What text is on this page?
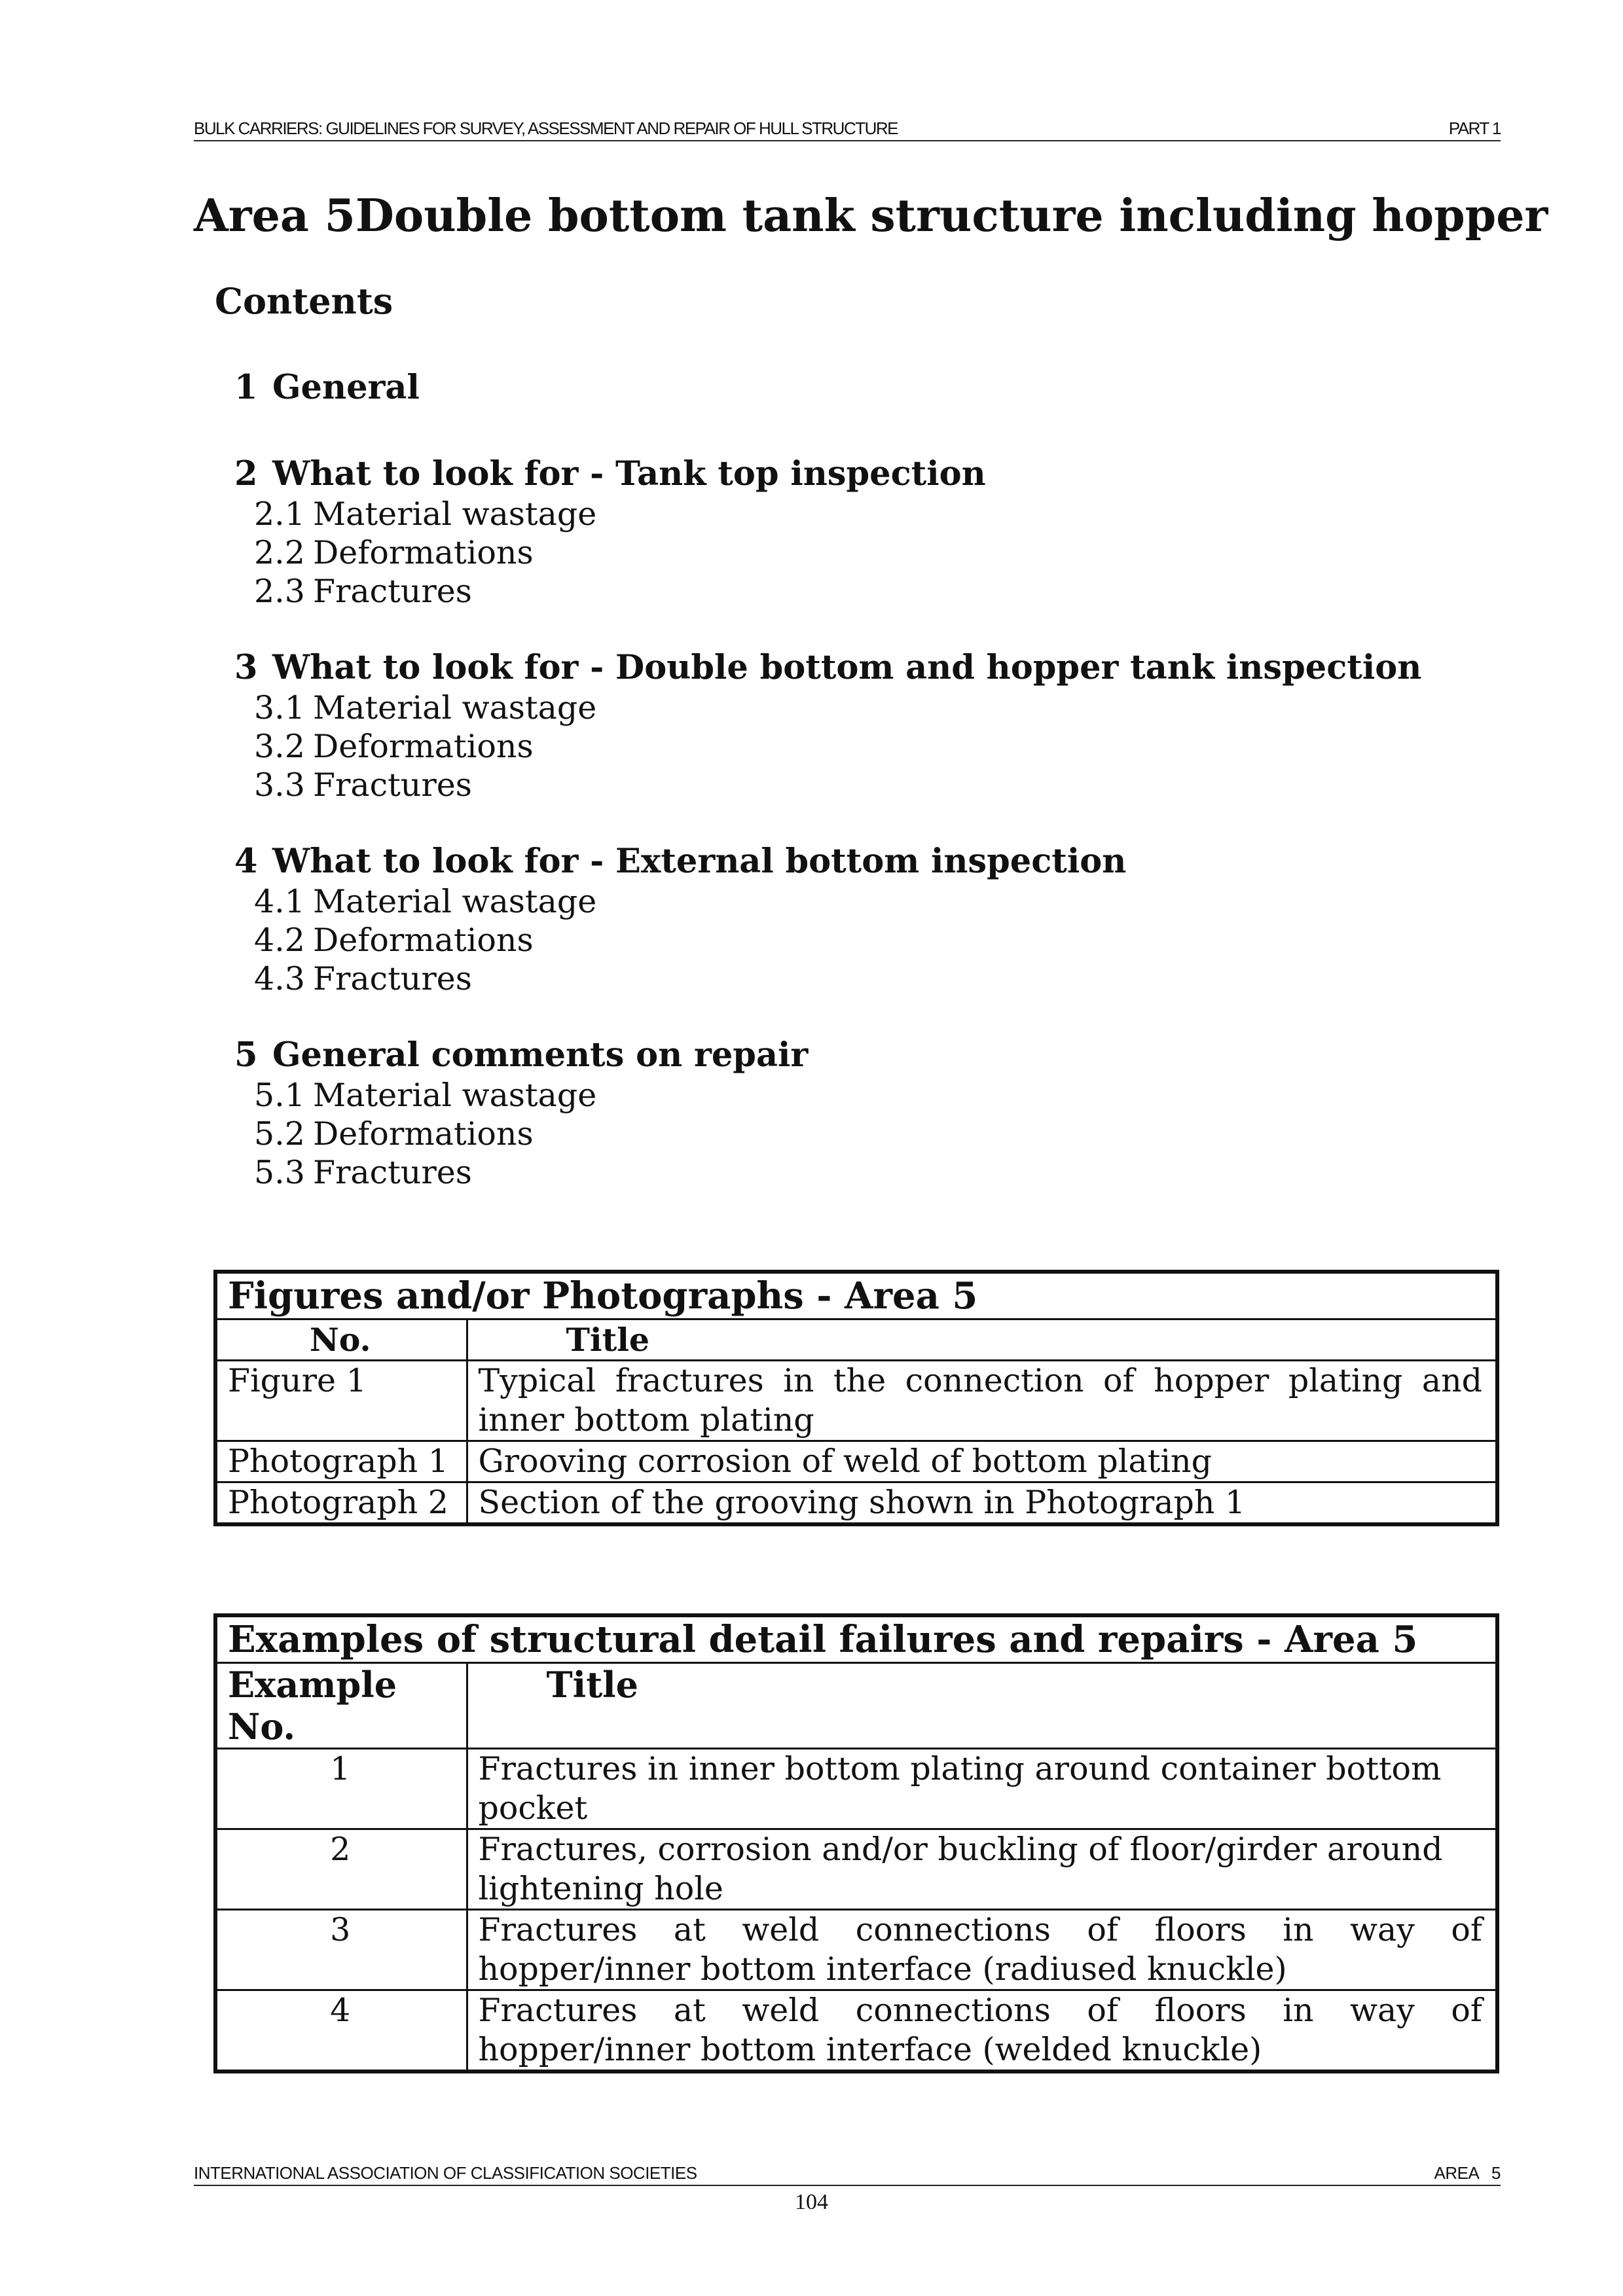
BULK CARRIERS: GUIDELINES FOR SURVEY, ASSESSMENT AND REPAIR OF HULL STRUCTURE	PART 1
Area 5Double bottom tank structure including hopper
Contents
1 General
2 What to look for - Tank top inspection
2.1 Material wastage
2.2 Deformations
2.3 Fractures
3 What to look for - Double bottom and hopper tank inspection
3.1 Material wastage
3.2 Deformations
3.3 Fractures
4 What to look for - External bottom inspection
4.1 Material wastage
4.2 Deformations
4.3 Fractures
5 General comments on repair
5.1 Material wastage
5.2 Deformations
5.3 Fractures
Figures and/or Photographs - Area 5	
No.	Title
Figure 1	Typical fractures in the connection of hopper plating and inner bottom plating
Photograph 1	Grooving corrosion of weld of bottom plating
Photograph 2	Section of the grooving shown in Photograph 1
Examples of structural detail failures and repairs - Area 5	
Example No.	Title
1	Fractures in inner bottom plating around container bottom pocket
2	Fractures, corrosion and/or buckling of floor/girder around lightening hole
3	Fractures at weld connections of floors in way of hopper/inner bottom interface (radiused knuckle)
4	Fractures at weld connections of floors in way of hopper/inner bottom interface (welded knuckle)
INTERNATIONAL ASSOCIATION OF CLASSIFICATION SOCIETIES	AREA   5
104
